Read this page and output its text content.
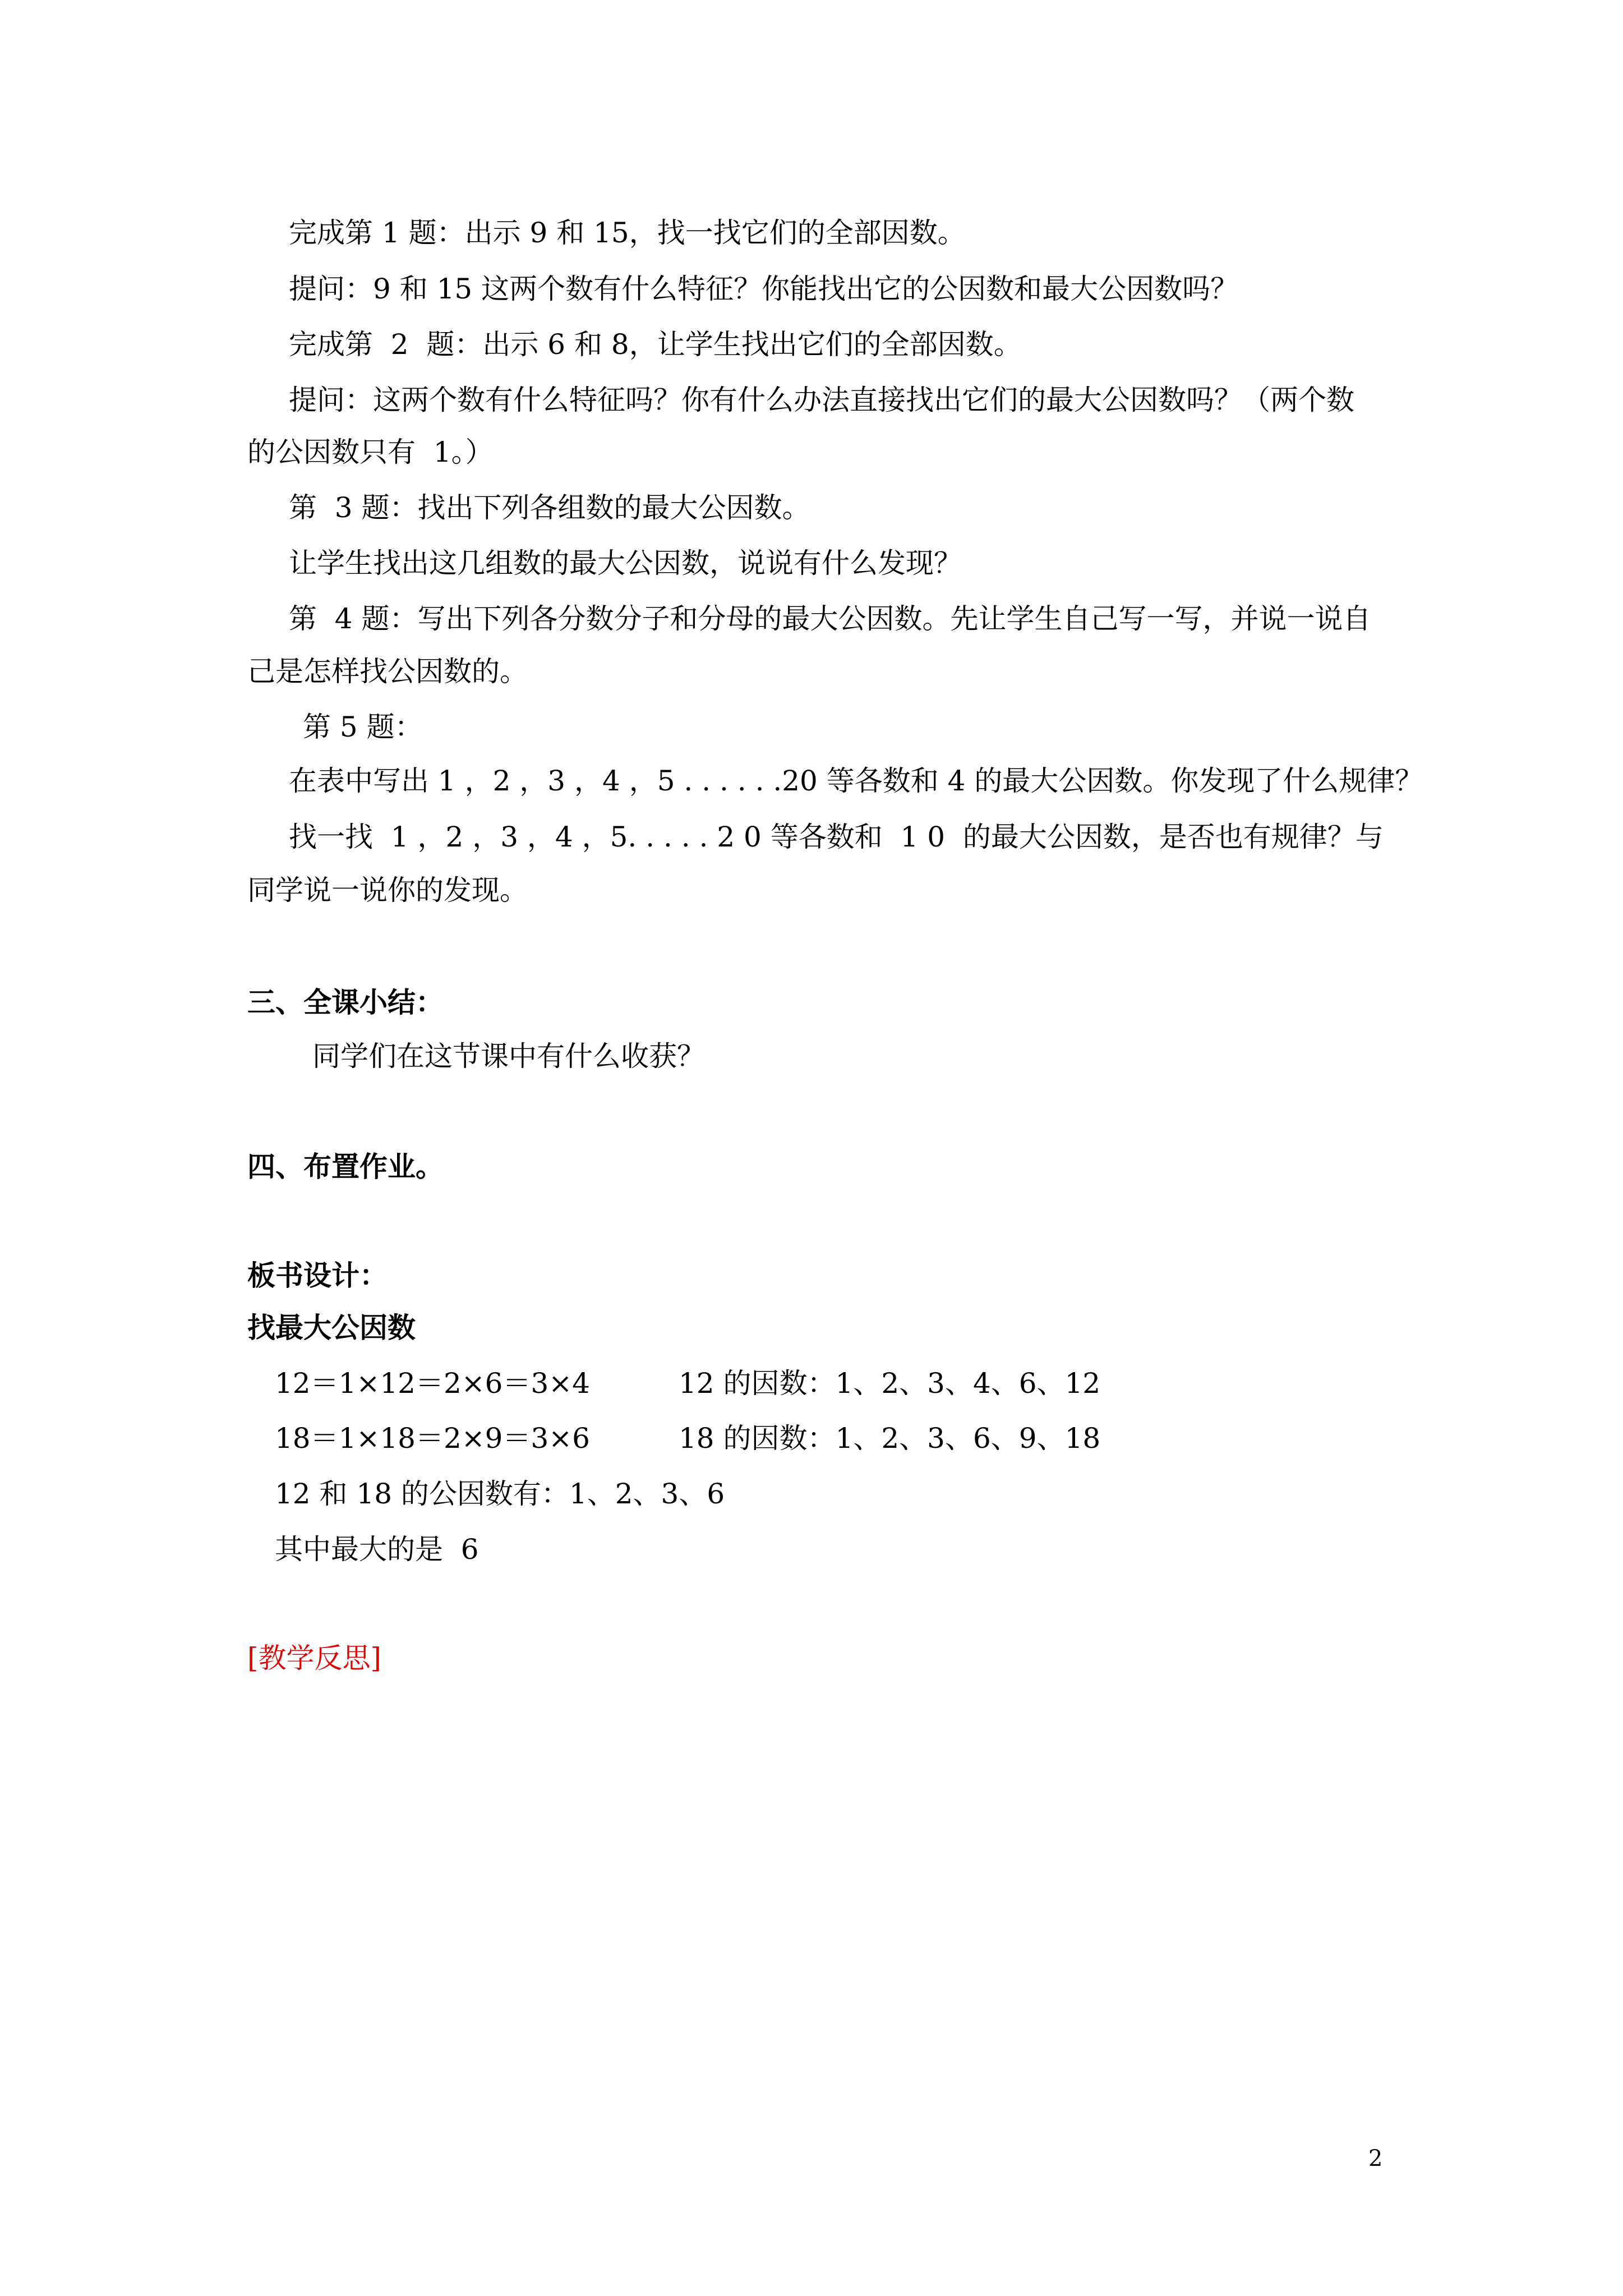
完成第 1 题：出示 9 和 15，找一找它们的全部因数。
提问：9 和 15 这两个数有什么特征？你能找出它的公因数和最大公因数吗？
完成第  2  题：出示 6 和 8，让学生找出它们的全部因数。
提问：这两个数有什么特征吗？你有什么办法直接找出它们的最大公因数吗？（两个数
的公因数只有  1。）
第  3 题：找出下列各组数的最大公因数。
让学生找出这几组数的最大公因数，说说有什么发现？
第  4 题：写出下列各分数分子和分母的最大公因数。先让学生自己写一写，并说一说自
己是怎样找公因数的。
第 5 题：
在表中写出 1 ，2 ，3 ，4 ，5 . . . . . .20 等各数和 4 的最大公因数。你发现了什么规律？
找一找  1 ，2 ，3 ，4 ，5. . . . . 2 0 等各数和  1 0  的最大公因数，是否也有规律？与
同学说一说你的发现。
三、全课小结：
同学们在这节课中有什么收获？
四、布置作业。
板书设计：
找最大公因数
12＝1×12＝2×6＝3×4	12 的因数：1、2、3、4、6、12
18＝1×18＝2×9＝3×6	18 的因数：1、2、3、6、9、18
12 和 18 的公因数有：1、2、3、6
其中最大的是  6
[教学反思]
2
